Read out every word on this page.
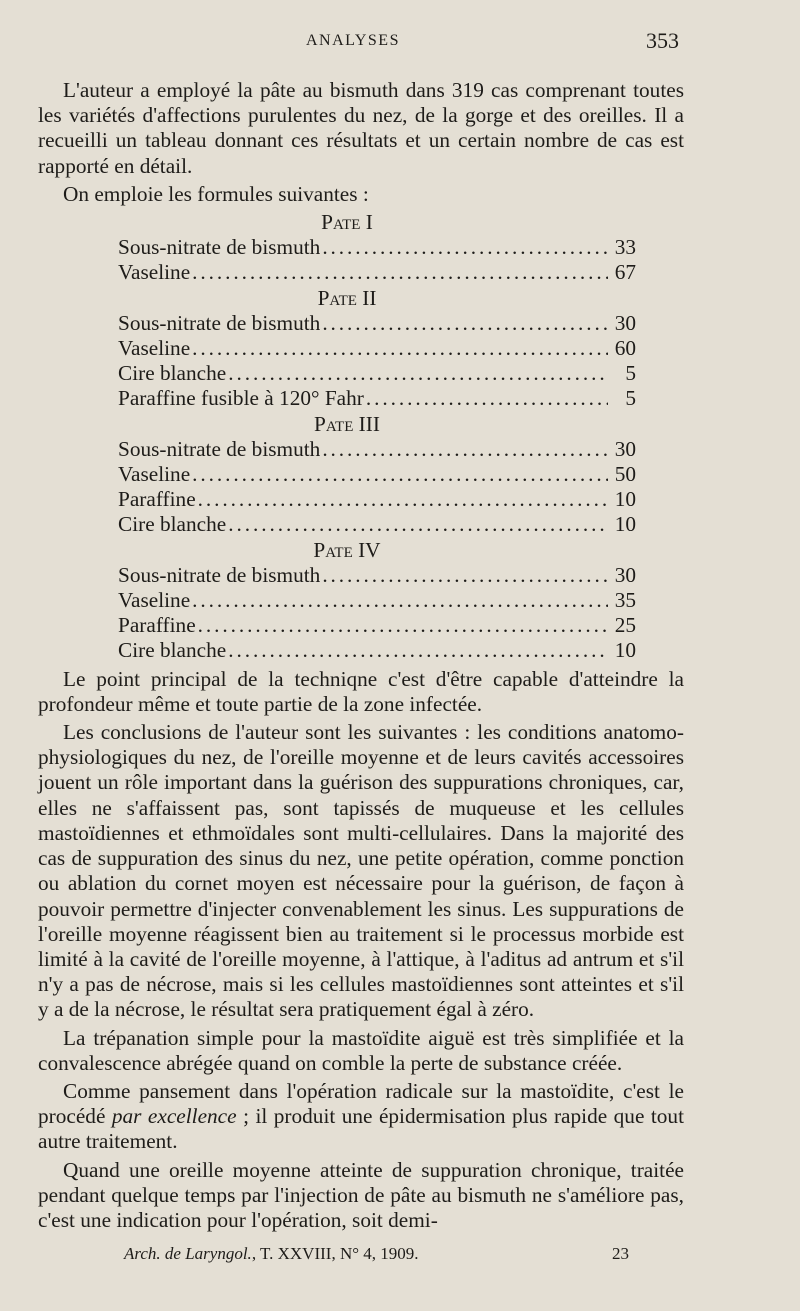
ANALYSES	353

L'auteur a employé la pâte au bismuth dans 319 cas comprenant toutes les variétés d'affections purulentes du nez, de la gorge et des oreilles. Il a recueilli un tableau donnant ces résultats et un certain nombre de cas est rapporté en détail.

On emploie les formules suivantes :

Pate I
Sous-nitrate de bismuth . . .	33
Vaseline . . .	67
Pate II
Sous-nitrate de bismuth . . .	30
Vaseline . . .	60
Cire blanche . . .	5
Paraffine fusible à 120° Fahr . . .	5
Pate III
Sous-nitrate de bismuth . . .	30
Vaseline . . .	50
Paraffine . . .	10
Cire blanche . . .	10
Pate IV
Sous-nitrate de bismuth . . .	30
Vaseline . . .	35
Paraffine . . .	25
Cire blanche . . .	10

Le point principal de la techniqne c'est d'être capable d'atteindre la profondeur même et toute partie de la zone infectée.

Les conclusions de l'auteur sont les suivantes : les conditions anatomo-physiologiques du nez, de l'oreille moyenne et de leurs cavités accessoires jouent un rôle important dans la guérison des suppurations chroniques, car, elles ne s'affaissent pas, sont tapissés de muqueuse et les cellules mastoïdiennes et ethmoïdales sont multi-cellulaires. Dans la majorité des cas de suppuration des sinus du nez, une petite opération, comme ponction ou ablation du cornet moyen est nécessaire pour la guérison, de façon à pouvoir permettre d'injecter convenablement les sinus. Les suppurations de l'oreille moyenne réagissent bien au traitement si le processus morbide est limité à la cavité de l'oreille moyenne, à l'attique, à l'aditus ad antrum et s'il n'y a pas de nécrose, mais si les cellules mastoïdiennes sont atteintes et s'il y a de la nécrose, le résultat sera pratiquement égal à zéro.

La trépanation simple pour la mastoïdite aiguë est très simplifiée et la convalescence abrégée quand on comble la perte de substance créée.

Comme pansement dans l'opération radicale sur la mastoïdite, c'est le procédé par excellence ; il produit une épidermisation plus rapide que tout autre traitement.

Quand une oreille moyenne atteinte de suppuration chronique, traitée pendant quelque temps par l'injection de pâte au bismuth ne s'améliore pas, c'est une indication pour l'opération, soit demi-

Arch. de Laryngol., T. XXVIII, N° 4, 1909.	23
